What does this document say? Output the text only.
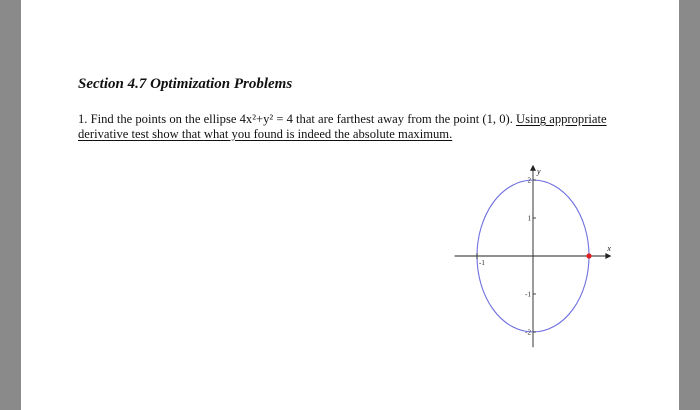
Section 4.7 Optimization Problems
1. Find the points on the ellipse 4x²+y² = 4 that are farthest away from the point (1, 0). Using appropriate
derivative test show that what you found is indeed the absolute maximum.
x
y
2
1
-1
-2
-1
